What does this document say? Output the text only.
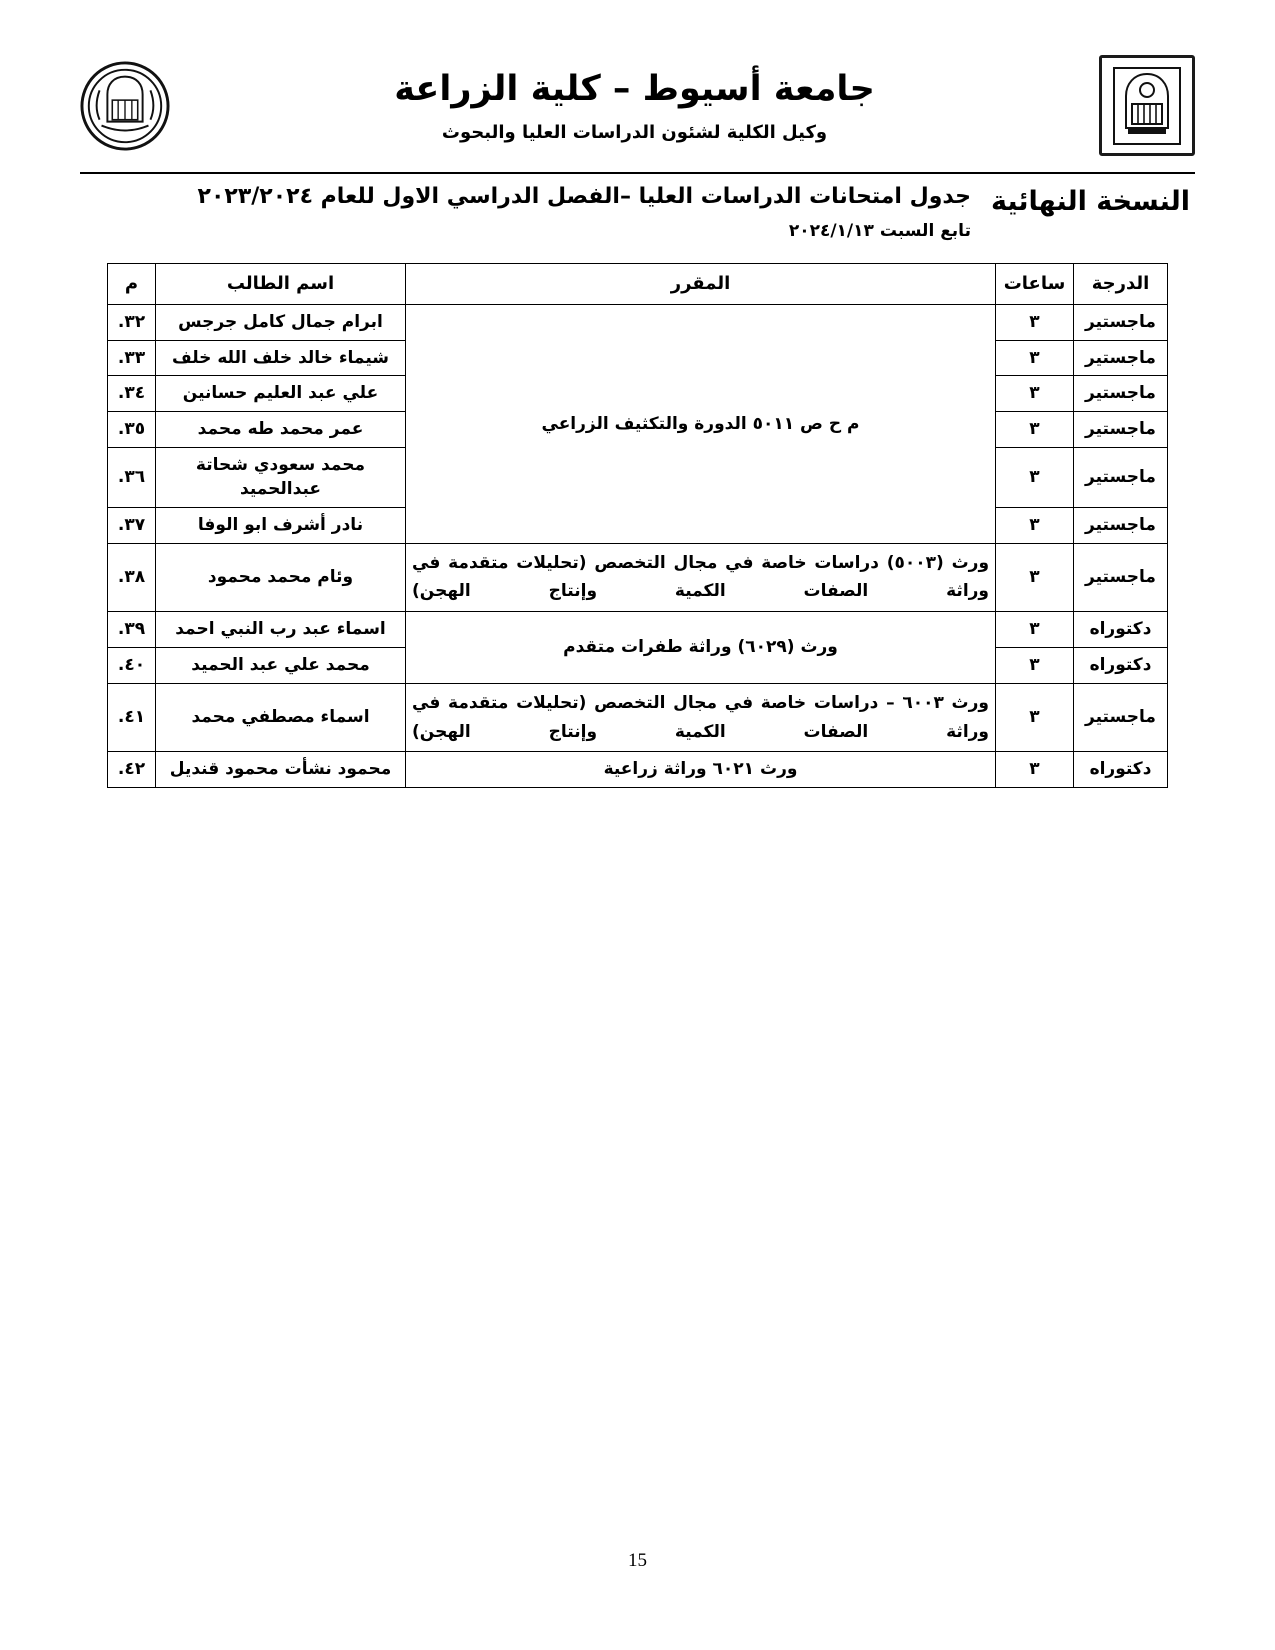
جامعة أسيوط – كلية الزراعة
وكيل الكلية لشئون الدراسات العليا والبحوث
النسخة النهائية
جدول امتحانات الدراسات العليا –الفصل الدراسي الاول للعام ٢٠٢٣/٢٠٢٤
تابع السبت ٢٠٢٤/١/١٣
الدرجة	ساعات	المقرر	اسم الطالب	م
ماجستير	٣	م ح ص ٥٠١١ الدورة والتكثيف الزراعي	ابرام جمال كامل جرجس	٣٢.
ماجستير	٣		شيماء خالد خلف الله خلف	٣٣.
ماجستير	٣		علي عبد العليم حسانين	٣٤.
ماجستير	٣		عمر محمد طه محمد	٣٥.
ماجستير	٣		محمد سعودي شحاتة عبدالحميد	٣٦.
ماجستير	٣		نادر أشرف ابو الوفا	٣٧.
ماجستير	٣	ورث (٥٠٠٣) دراسات خاصة في مجال التخصص (تحليلات متقدمة في وراثة الصفات الكمية وإنتاج الهجن)	وئام محمد محمود	٣٨.
دكتوراه	٣	ورث (٦٠٢٩) وراثة طفرات متقدم	اسماء عبد رب النبي احمد	٣٩.
دكتوراه	٣		محمد علي عبد الحميد	٤٠.
ماجستير	٣	ورث ٦٠٠٣ – دراسات خاصة في مجال التخصص (تحليلات متقدمة في وراثة الصفات الكمية وإنتاج الهجن)	اسماء مصطفي محمد	٤١.
دكتوراه	٣	ورث ٦٠٢١ وراثة زراعية	محمود نشأت محمود قنديل	٤٢.
15
